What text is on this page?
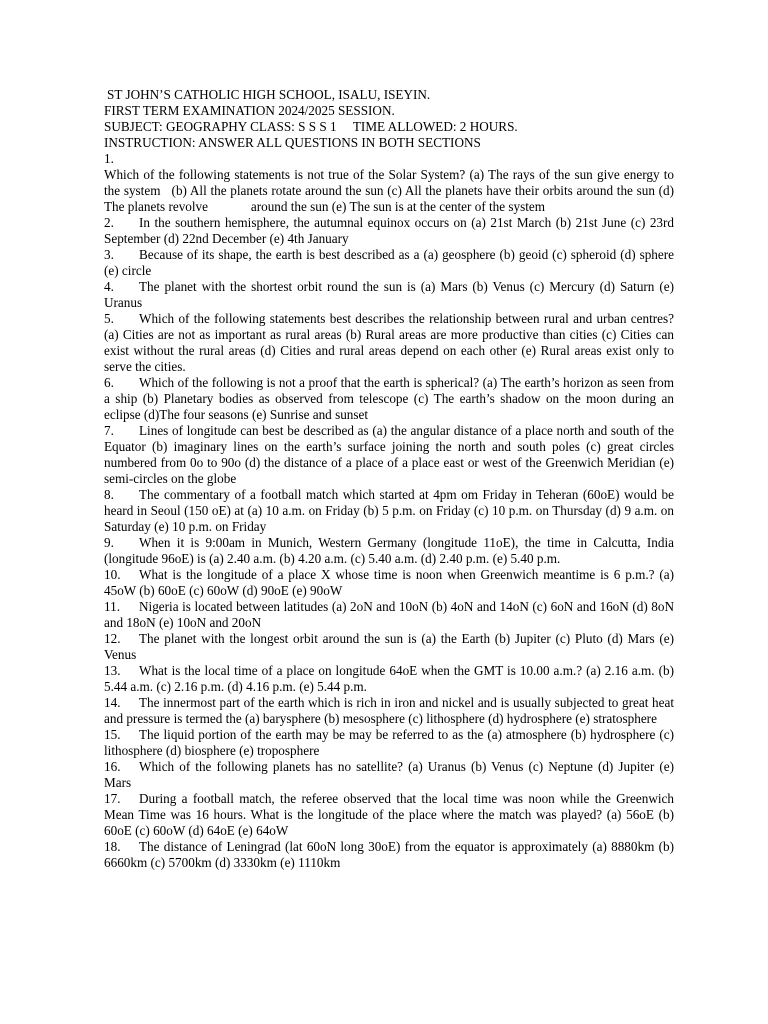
ST JOHN’S CATHOLIC HIGH SCHOOL, ISALU, ISEYIN.
FIRST TERM EXAMINATION 2024/2025 SESSION.
SUBJECT: GEOGRAPHY CLASS: S S S 1     TIME ALLOWED: 2 HOURS.
INSTRUCTION: ANSWER ALL QUESTIONS IN BOTH SECTIONS
1.

Which of the following statements is not true of the Solar System? (a) The rays of the sun give energy to the system   (b) All the planets rotate around the sun (c) All the planets have their orbits around the sun (d) The planets revolve             around the sun (e) The sun is at the center of the system

2. In the southern hemisphere, the autumnal equinox occurs on (a) 21st March (b) 21st June (c) 23rd September (d) 22nd December (e) 4th January

3. Because of its shape, the earth is best described as a (a) geosphere (b) geoid (c) spheroid (d) sphere (e) circle

4. The planet with the shortest orbit round the sun is (a) Mars (b) Venus (c) Mercury (d) Saturn (e) Uranus

5. Which of the following statements best describes the relationship between rural and urban centres? (a) Cities are not as important as rural areas (b) Rural areas are more productive than cities (c) Cities can exist without the rural areas (d) Cities and rural areas depend on each other (e) Rural areas exist only to serve the cities.

6. Which of the following is not a proof that the earth is spherical? (a) The earth’s horizon as seen from a ship (b) Planetary bodies as observed from telescope (c) The earth’s shadow on the moon during an eclipse (d)The four seasons (e) Sunrise and sunset

7. Lines of longitude can best be described as (a) the angular distance of a place north and south of the Equator (b) imaginary lines on the earth’s surface joining the north and south poles (c) great circles numbered from 0o to 90o (d) the distance of a place of a place east or west of the Greenwich Meridian (e) semi-circles on the globe

8. The commentary of a football match which started at 4pm om Friday in Teheran (60oE) would be heard in Seoul (150 oE) at (a) 10 a.m. on Friday (b) 5 p.m. on Friday (c) 10 p.m. on Thursday (d) 9 a.m. on Saturday (e) 10 p.m. on Friday

9. When it is 9:00am in Munich, Western Germany (longitude 11oE), the time in Calcutta, India (longitude 96oE) is (a) 2.40 a.m. (b) 4.20 a.m. (c) 5.40 a.m. (d) 2.40 p.m. (e) 5.40 p.m.

10. What is the longitude of a place X whose time is noon when Greenwich meantime is 6 p.m.? (a) 45oW (b) 60oE (c) 60oW (d) 90oE (e) 90oW

11. Nigeria is located between latitudes (a) 2oN and 10oN (b) 4oN and 14oN (c) 6oN and 16oN (d) 8oN and 18oN (e) 10oN and 20oN

12. The planet with the longest orbit around the sun is (a) the Earth (b) Jupiter (c) Pluto (d) Mars (e) Venus

13. What is the local time of a place on longitude 64oE when the GMT is 10.00 a.m.? (a) 2.16 a.m. (b) 5.44 a.m. (c) 2.16 p.m. (d) 4.16 p.m. (e) 5.44 p.m.

14. The innermost part of the earth which is rich in iron and nickel and is usually subjected to great heat and pressure is termed the (a) barysphere (b) mesosphere (c) lithosphere (d) hydrosphere (e) stratosphere

15. The liquid portion of the earth may be may be referred to as the (a) atmosphere (b) hydrosphere (c) lithosphere (d) biosphere (e) troposphere

16. Which of the following planets has no satellite? (a) Uranus (b) Venus (c) Neptune (d) Jupiter (e) Mars

17. During a football match, the referee observed that the local time was noon while the Greenwich Mean Time was 16 hours. What is the longitude of the place where the match was played? (a) 56oE (b) 60oE (c) 60oW (d) 64oE (e) 64oW

18. The distance of Leningrad (lat 60oN long 30oE) from the equator is approximately (a) 8880km (b) 6660km (c) 5700km (d) 3330km (e) 1110km
